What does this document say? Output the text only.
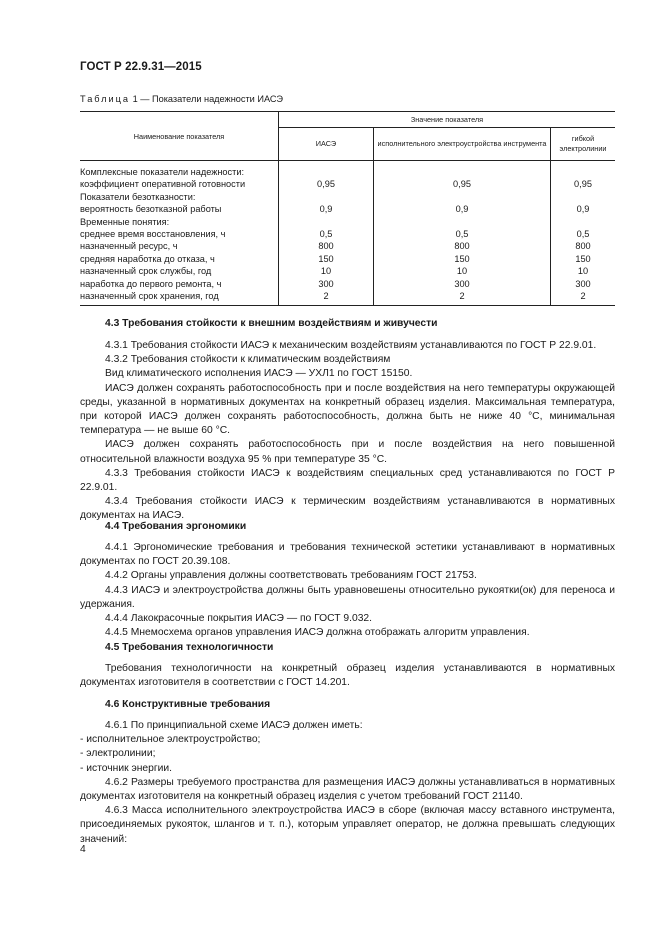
ГОСТ Р 22.9.31—2015
Таблица 1 — Показатели надежности ИАСЭ
Наименование показателя	Значение показателя		
	ИАСЭ	исполнительного электроустройства инструмента	гибкой электролинии
Комплексные показатели надежности:			
коэффициент оперативной готовности	0,95	0,95	0,95
Показатели безотказности:			
вероятность безотказной работы	0,9	0,9	0,9
Временные понятия:			
среднее время восстановления, ч	0,5	0,5	0,5
назначенный ресурс, ч	800	800	800
средняя наработка до отказа, ч	150	150	150
назначенный срок службы, год	10	10	10
наработка до первого ремонта, ч	300	300	300
назначенный срок хранения, год	2	2	2
4.3 Требования стойкости к внешним воздействиям и живучести

4.3.1 Требования стойкости ИАСЭ к механическим воздействиям устанавливаются по ГОСТ Р 22.9.01.

4.3.2 Требования стойкости к климатическим воздействиям

Вид климатического исполнения ИАСЭ — УХЛ1 по ГОСТ 15150.

ИАСЭ должен сохранять работоспособность при и после воздействия на него температуры окружающей среды, указанной в нормативных документах на конкретный образец изделия. Максимальная температура, при которой ИАСЭ должен сохранять работоспособность, должна быть не ниже 40 °С, минимальная температура — не выше 60 °С.

ИАСЭ должен сохранять работоспособность при и после воздействия на него повышенной относительной влажности воздуха 95 % при температуре 35 °С.

4.3.3 Требования стойкости ИАСЭ к воздействиям специальных сред устанавливаются по ГОСТ Р 22.9.01.

4.3.4 Требования стойкости ИАСЭ к термическим воздействиям устанавливаются в нормативных документах на ИАСЭ.

4.4 Требования эргономики

4.4.1 Эргономические требования и требования технической эстетики устанавливают в нормативных документах по ГОСТ 20.39.108.

4.4.2 Органы управления должны соответствовать требованиям ГОСТ 21753.

4.4.3 ИАСЭ и электроустройства должны быть уравновешены относительно рукоятки(ок) для переноса и удержания.

4.4.4 Лакокрасочные покрытия ИАСЭ — по ГОСТ 9.032.

4.4.5 Мнемосхема органов управления ИАСЭ должна отображать алгоритм управления.

4.5 Требования технологичности

Требования технологичности на конкретный образец изделия устанавливаются в нормативных документах изготовителя в соответствии с ГОСТ 14.201.

4.6 Конструктивные требования

4.6.1 По принципиальной схеме ИАСЭ должен иметь:

- исполнительное электроустройство;

- электролинии;

- источник энергии.

4.6.2 Размеры требуемого пространства для размещения ИАСЭ должны устанавливаться в нормативных документах изготовителя на конкретный образец изделия с учетом требований ГОСТ 21140.

4.6.3 Масса исполнительного электроустройства ИАСЭ в сборе (включая массу вставного инструмента, присоединяемых рукояток, шлангов и т. п.), которым управляет оператор, не должна превышать следующих значений:

4
